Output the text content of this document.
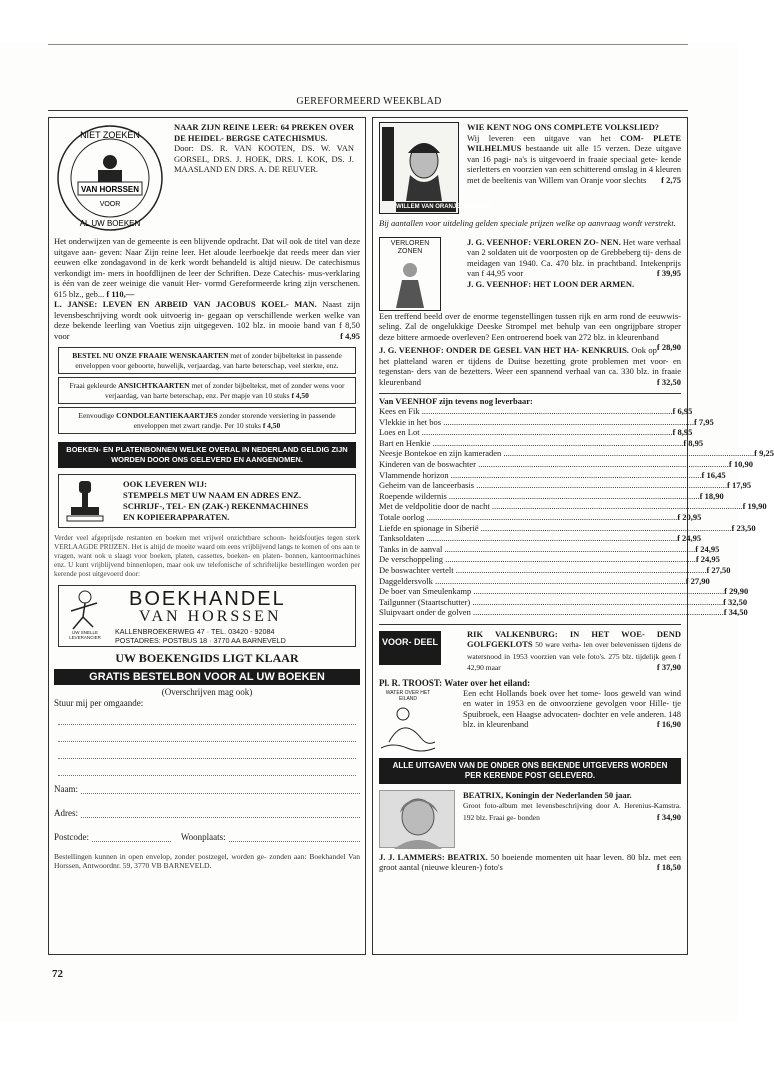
GEREFORMEERD WEEKBLAD
NIET ZOEKEN
VAN HORSSEN
VOOR
AL UW BOEKEN
NAAR ZIJN REINE LEER: 64 PREKEN OVER DE HEIDEL- BERGSE CATECHISMUS.
Door: DS. R. VAN KOOTEN, DS. W. VAN GORSEL, DRS. J. HOEK, DRS. I. KOK, DS. J. MAASLAND EN DRS. A. DE REUVER.
Het onderwijzen van de gemeente is een blijvende opdracht. Dat wil ook de titel van deze uitgave aan- geven: Naar Zijn reine leer. Het aloude leerboekje dat reeds meer dan vier eeuwen elke zondagavond in de kerk wordt behandeld is altijd nieuw. De catechismus verkondigt im- mers in hoofdlijnen de leer der Schriften. Deze Catechis- mus-verklaring is één van de zeer weinige die vanuit Her- vormd Gereformeerde kring zijn verschenen. 615 blz., geb... f 110,—
L. JANSE: LEVEN EN ARBEID VAN JACOBUS KOEL- MAN. Naast zijn levensbeschrijving wordt ook uitvoerig in- gegaan op verschillende werken welke van deze bekende leerling van Voetius zijn uitgegeven. 102 blz. in mooie band van f 8,50 voor	f 4,95
BESTEL NU ONZE FRAAIE WENSKAARTEN met of zonder bijbeltekst in passende enveloppen voor geboorte, huwelijk, verjaardag, van harte beterschap, veel sterkte, enz.
Fraai gekleurde ANSICHTKAARTEN met of zonder bijbeltekst, met of zonder wens voor verjaardag, van harte beterschap, enz. Per mapje van 10 stuks f 4,50
Eenvoudige CONDOLEANTIEKAARTJES zonder storende versiering in passende enveloppen met zwart randje. Per 10 stuks f 4,50
BOEKEN- EN PLATENBONNEN WELKE OVERAL IN NEDERLAND GELDIG ZIJN WORDEN DOOR ONS GELEVERD EN AANGENOMEN.
OOK LEVEREN WIJ:
STEMPELS MET UW NAAM EN ADRES ENZ.
SCHRIJF-, TEL- EN (ZAK-) REKENMACHINES
EN KOPIEERAPPARATEN.
Verder veel afgeprijsde restanten en boeken met vrijwel onzichtbare schoon- heidsfoutjes tegen sterk VERLAAGDE PRIJZEN. Het is altijd de moeite waard om eens vrijblijvend langs te komen of ons aan te vragen, want ook u slaagt voor boeken, platen, cassettes, boeken- en platen- bonnen, kantoormachines enz. U kunt vrijblijvend binnenlopen, maar ook uw telefonische of schriftelijke bestellingen worden per kerende post uitgevoerd door:
UW SNELLE LEVERANCIER
BOEKHANDEL
VAN HORSSEN
KALLENBROEKERWEG 47 · TEL. 03420 - 92084
POSTADRES: POSTBUS 18 · 3770 AA BARNEVELD
UW BOEKENGIDS LIGT KLAAR
GRATIS BESTELBON VOOR AL UW BOEKEN
(Overschrijven mag ook)
Stuur mij per omgaande:
Naam:
Adres:
Postcode:	Woonplaats:
Bestellingen kunnen in open envelop, zonder postzegel, worden ge- zonden aan: Boekhandel Van Horssen, Antwoordnr. 59, 3770 VB BARNEVELD.
WILLEM VAN ORANJE · DASSOV
WIE KENT NOG ONS COMPLETE VOLKSLIED?
Wij leveren een uitgave van het COM- PLETE WILHELMUS bestaande uit alle 15 verzen. Deze uitgave van 16 pagi- na's is uitgevoerd in fraaie speciaal gete- kende sierletters en voorzien van een schitterend omslag in 4 kleuren met de beeltenis van Willem van Oranje voor slechts f 2,75
Bij aantallen voor uitdeling gelden speciale prijzen welke op aanvraag wordt verstrekt.
VERLOREN ZONEN
J. G. VEENHOF: VERLOREN ZO- NEN. Het ware verhaal van 2 soldaten uit de voorposten op de Grebbeberg tij- dens de meidagen van 1940. Ca. 470 blz. in prachtband. Intekenprijs van f 44,95 voor	f 39,95
J. G. VEENHOF: HET LOON DER ARMEN.
Een treffend beeld over de enorme tegenstellingen tussen rijk en arm rond de eeuwwis- seling. Zal de ongelukkige Deeske Strompel met behulp van een ongrijpbare stroper deze bittere armoede overleven? Een ontroerend boek van 272 blz. in kleurenband
f 28,90
J. G. VEENHOF: ONDER DE GESEL VAN HET HA- KENKRUIS. Ook op het platteland waren er tijdens de Duitse bezetting grote problemen met voor- en tegenstan- ders van de bezetters. Weer een spannend verhaal van ca. 330 blz. in fraaie kleurenband	f 32,50
Van VEENHOF zijn tevens nog leverbaar:
Kees en Fik .....	f 6,95
Vlekkie in het bos .....	f 7,95
Loes en Lot .....	f 8,95
Bart en Henkie .....	f 8,95
Neesje Bontekoe en zijn kameraden .....	f 9,25
Kinderen van de boswachter .....	f 10,90
Vlammende horizon .....	f 16,45
Geheim van de lanceerbasis .....	f 17,95
Roepende wildernis .....	f 18,90
Met de veldpolitie door de nacht .....	f 19,90
Totale oorlog .....	f 20,95
Liefde en spionage in Siberië .....	f 23,50
Tanksoldaten .....	f 24,95
Tanks in de aanval .....	f 24,95
De verschoppeling .....	f 24,95
De boswachter vertelt .....	f 27,50
Daggeldersvolk .....	f 27,90
De boer van Smeulenkamp .....	f 29,90
Tailgunner (Staartschutter) .....	f 32,50
Sluipvaart onder de golven .....	f 34,50
VOOR- DEEL
RIK VALKENBURG: IN HET WOE- DEND GOLFGEKLOTS 50 ware verha- len over belevenissen tijdens de watersnood in 1953 voorzien van vele foto's. 275 blz. tijdelijk geen f 42,90 maar	f 37,90
Pl. R. TROOST: Water over het eiland:
WATER OVER HET EILAND
Een echt Hollands boek over het tome- loos geweld van wind en water in 1953 en de onvoorziene gevolgen voor Hille- tje Spuibroek, een Haagse advocaten- dochter en vele anderen. 148 blz. in kleurenband	f 16,90
ALLE UITGAVEN VAN DE ONDER ONS BEKENDE UITGEVERS WORDEN PER KERENDE POST GELEVERD.
BEATRIX, Koningin der Nederlanden 50 jaar.
Groot foto-album met levensbeschrijving door A. Herenius-Kamstra. 192 blz. Fraai ge- bonden	f 34,90
J. J. LAMMERS: BEATRIX. 50 boeiende momenten uit haar leven. 80 blz. met een groot aantal (nieuwe kleuren-) foto's	f 18,50
72
